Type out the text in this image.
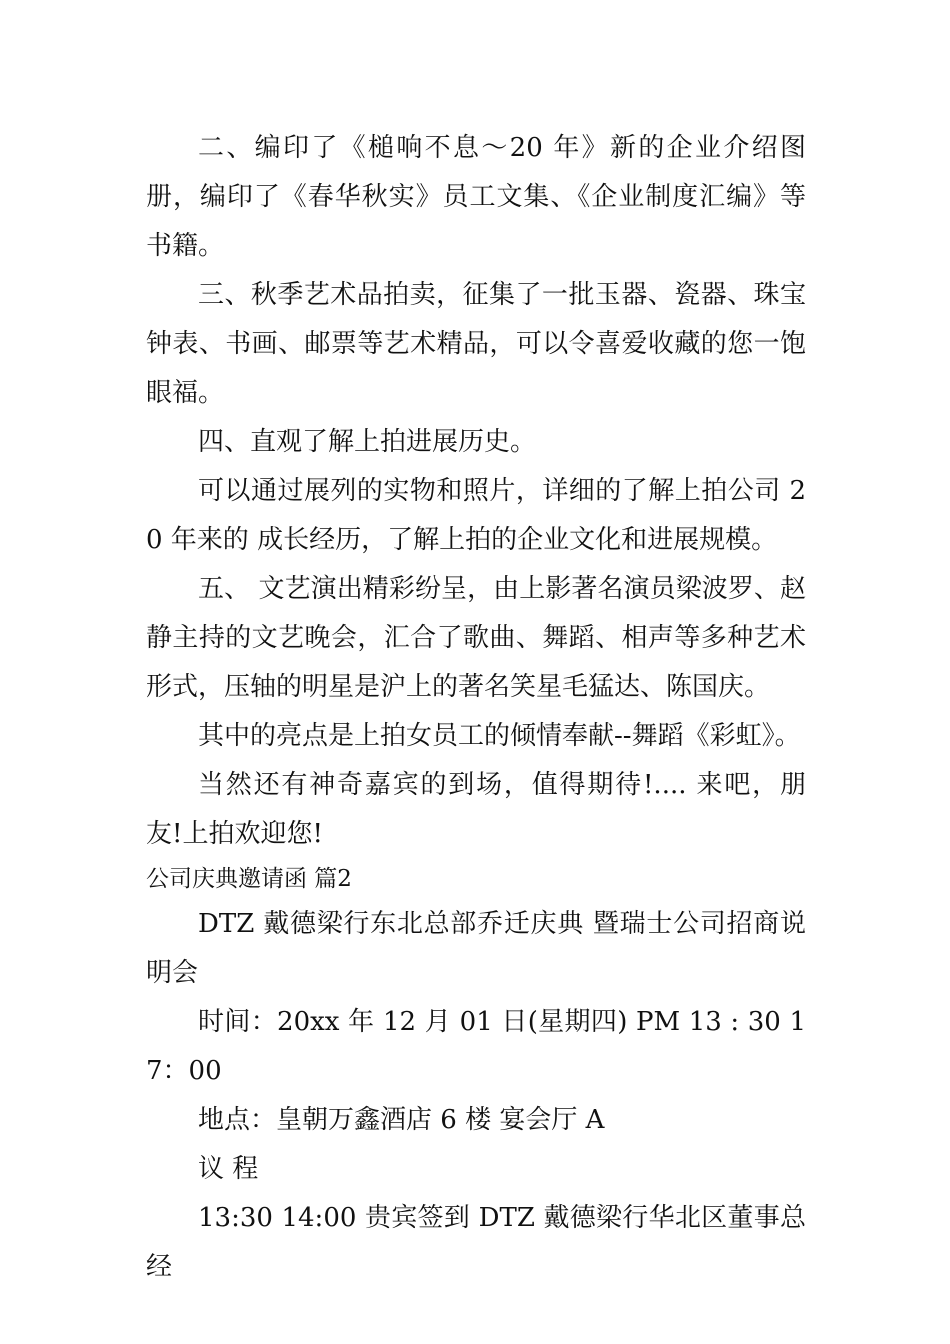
二、编印了《槌响不息～20 年》新的企业介绍图册，编印了《春华秋实》员工文集、《企业制度汇编》等书籍。

三、秋季艺术品拍卖，征集了一批玉器、瓷器、珠宝钟表、书画、邮票等艺术精品，可以令喜爱收藏的您一饱眼福。

四、直观了解上拍进展历史。

可以通过展列的实物和照片，详细的了解上拍公司 20 年来的 成长经历，了解上拍的企业文化和进展规模。

五、 文艺演出精彩纷呈，由上影著名演员梁波罗、赵静主持的文艺晚会，汇合了歌曲、舞蹈、相声等多种艺术形式，压轴的明星是沪上的著名笑星毛猛达、陈国庆。

其中的亮点是上拍女员工的倾情奉献--舞蹈《彩虹》。

当然还有神奇嘉宾的到场，值得期待!.... 来吧，朋友!上拍欢迎您!

公司庆典邀请函 篇2

DTZ 戴德梁行东北总部乔迁庆典 暨瑞士公司招商说明会

时间：20xx 年 12 月 01 日(星期四) PM 13 : 30 17：00

地点：皇朝万鑫酒店 6 楼 宴会厅 A

议 程

13:30 14:00 贵宾签到 DTZ 戴德梁行华北区董事总经
